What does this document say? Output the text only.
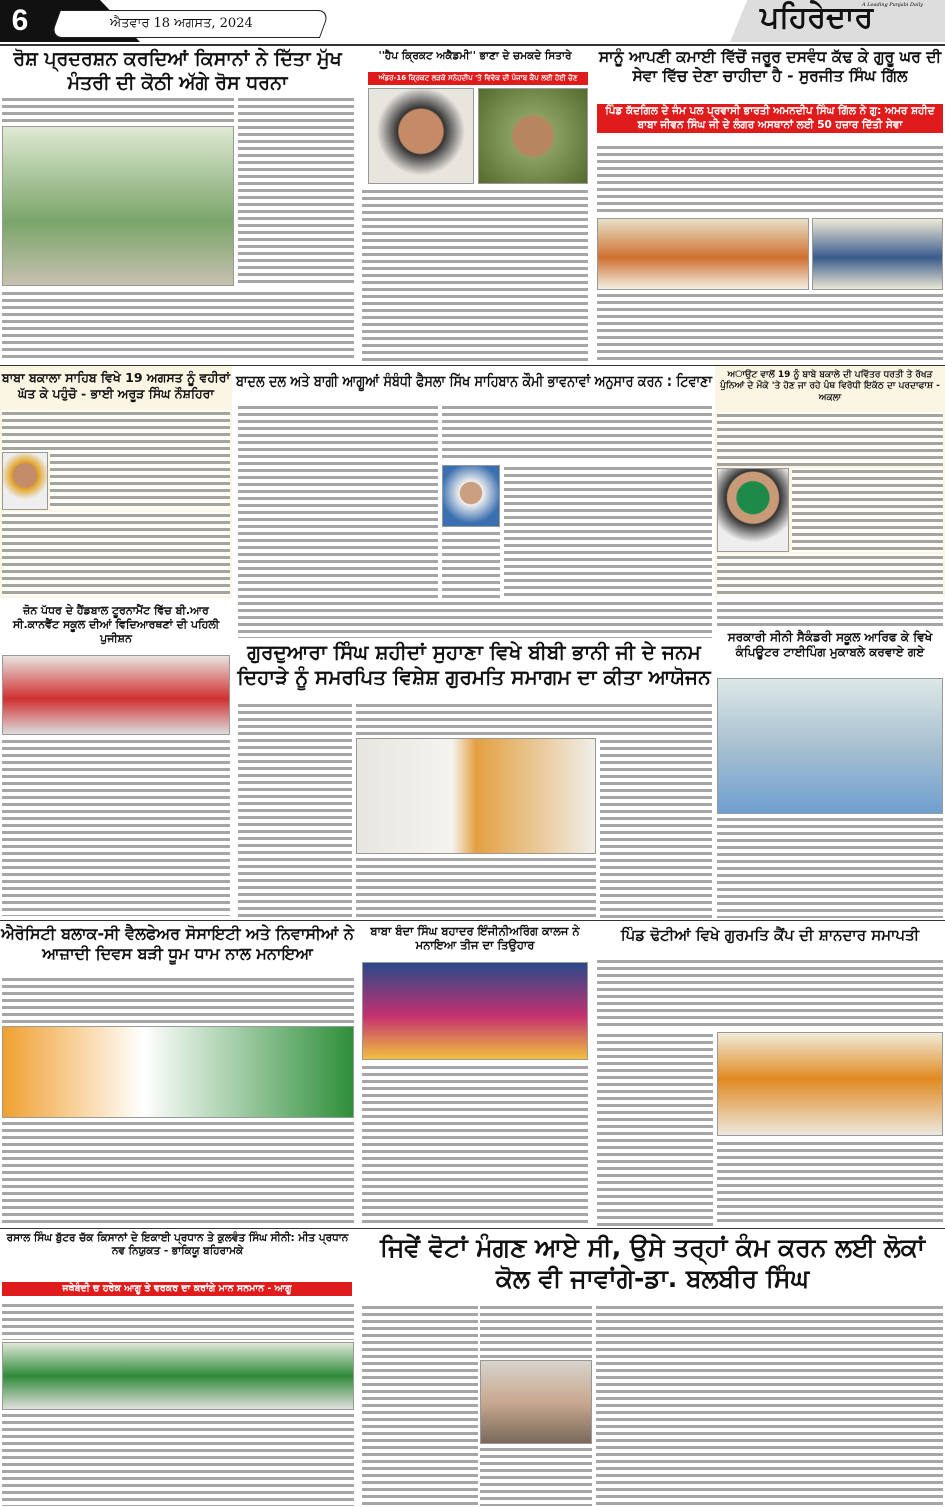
6	ਐਤਵਾਰ 18 ਅਗਸਤ, 2024	ਪਹਿਰੇਦਾਰ
A Leading Punjabi Daily
ਰੋਸ਼ ਪ੍ਰਦਰਸ਼ਨ ਕਰਦਿਆਂ ਕਿਸਾਨਾਂ ਨੇ ਦਿੱਤਾ ਮੁੱਖ ਮੰਤਰੀ ਦੀ ਕੋਠੀ ਅੱਗੇ ਰੋਸ ਧਰਨਾ
''ਹੈਪ ਕ੍ਰਿਕਟ ਅਕੈਡਮੀ'' ਭਾਣਾ ਦੇ ਚਮਕਦੇ ਸਿਤਾਰੇ
ਅੰਡਰ-16 ਕ੍ਰਿਕਟ ਲੜਕੇ ਸਨੇਹਦੀਪ 'ਤੇ ਵਿਵੇਕ ਦੀ ਪੰਜਾਬ ਕੈਂਪ ਲਈ ਹੋਈ ਚੋਣ
ਸਾਨੂੰ ਆਪਣੀ ਕਮਾਈ ਵਿੱਚੋਂ ਜਰੂਰ ਦਸਵੰਧ ਕੱਢ ਕੇ ਗੁਰੂ ਘਰ ਦੀ ਸੇਵਾ ਵਿੱਚ ਦੇਣਾ ਚਾਹੀਦਾ ਹੈ - ਸੁਰਜੀਤ ਸਿੰਘ ਗਿੱਲ
ਪਿੰਡ ਕੱਦਗਿਲ ਦੇ ਜੰਮ ਪਲ ਪ੍ਰਵਾਸੀ ਭਾਰਤੀ ਅਮਨਦੀਪ ਸਿੰਘ ਗਿੱਲ ਨੇ ਗੁ: ਅਮਰ ਸ਼ਹੀਦ ਬਾਬਾ ਜੀਵਨ ਸਿੰਘ ਜੀ ਦੇ ਲੰਗਰ ਅਸਥਾਨਾਂ ਲਈ 50 ਹਜ਼ਾਰ ਦਿੱਤੀ ਸੇਵਾ
ਬਾਬਾ ਬਕਾਲਾ ਸਾਹਿਬ ਵਿਖੇ 19 ਅਗਸਤ ਨੂੰ ਵਹੀਰਾਂ ਘੱਤ ਕੇ ਪਹੁੰਚੋ - ਭਾਈ ਅਰੂੜ ਸਿੰਘ ਨੌਸ਼ਹਿਰਾ
ਬਾਦਲ ਦਲ ਅਤੇ ਬਾਗੀ ਆਗੂਆਂ ਸੰਬੰਧੀ ਫੈਸਲਾ ਸਿੱਖ ਸਾਹਿਬਾਨ ਕੌਮੀ ਭਾਵਨਾਵਾਂ ਅਨੁਸਾਰ ਕਰਨ : ਟਿਵਾਣਾ	ਅਾਉਟ ਵਾਲੋਂ 19 ਨੂੰ ਬਾਬੇ ਬਕਾਲੇ ਦੀ ਪਵਿੱਤਰ ਧਰਤੀ ਤੇ ਰੱਖੜ ਪੁੰਨਿਆਂ ਦੇ ਮੌਕੇ 'ਤੇ ਹੋਣ ਜਾ ਰਹੇ ਪੰਥ ਵਿਰੋਧੀ ਇਕੱਠ ਦਾ ਪਰਦਾਫਾਸ਼ - ਅਕਲਾ
ਜ਼ੋਨ ਪੱਧਰ ਦੇ ਹੈਂਡਬਾਲ ਟੂਰਨਾਮੈਂਟ ਵਿੱਚ ਬੀ.ਆਰ ਸੀ.ਕਾਨਵੈਂਟ ਸਕੂਲ ਦੀਆਂ ਵਿਦਿਆਰਥਣਾਂ ਦੀ ਪਹਿਲੀ ਪੁਜੀਸ਼ਨ
ਗੁਰਦੁਆਰਾ ਸਿੰਘ ਸ਼ਹੀਦਾਂ ਸੁਹਾਣਾ ਵਿਖੇ ਬੀਬੀ ਭਾਨੀ ਜੀ ਦੇ ਜਨਮ ਦਿਹਾੜੇ ਨੂੰ ਸਮਰਪਿਤ ਵਿਸ਼ੇਸ਼ ਗੁਰਮਤਿ ਸਮਾਗਮ ਦਾ ਕੀਤਾ ਆਯੋਜਨ
ਸਰਕਾਰੀ ਸੀਨੀ ਸੈਕੰਡਰੀ ਸਕੂਲ ਆਰਿਫ ਕੇ ਵਿਖੇ ਕੰਪਿਊਟਰ ਟਾਈਪਿੰਗ ਮੁਕਾਬਲੇ ਕਰਵਾਏ ਗਏ
ਐਰੋਸਿਟੀ ਬਲਾਕ-ਸੀ ਵੈਲਫੇਅਰ ਸੋਸਾਇਟੀ ਅਤੇ ਨਿਵਾਸੀਆਂ ਨੇ ਆਜ਼ਾਦੀ ਦਿਵਸ ਬੜੀ ਧੂਮ ਧਾਮ ਨਾਲ ਮਨਾਇਆ
ਬਾਬਾ ਬੰਦਾ ਸਿੰਘ ਬਹਾਦਰ ਇੰਜੀਨੀਅਰਿੰਗ ਕਾਲਜ ਨੇ ਮਨਾਇਆ ਤੀਜ ਦਾ ਤਿਉਹਾਰ
ਪਿੰਡ ਢੋਟੀਆਂ ਵਿਖੇ ਗੁਰਮਤਿ ਕੈਂਪ ਦੀ ਸ਼ਾਨਦਾਰ ਸਮਾਪਤੀ
ਰਸਾਲ ਸਿੰਘ ਬੁੱਟਰ ਚੱਕ ਕਿਸਾਨਾਂ ਦੇ ਇਕਾਈ ਪ੍ਰਧਾਨ ਤੇ ਕੁਲਵੰਤ ਸਿੰਘ ਸੀਨੀ: ਮੀਤ ਪ੍ਰਧਾਨ ਨਵ ਨਿਯੁਕਤ - ਭਾਕਿਯੂ ਬਹਿਰਾਮਕੇ
ਜਥੇਬੰਦੀ ਚ ਹਰੇਕ ਆਗੂ ਤੇ ਵਰਕਰ ਦਾ ਕਰਾਂਗੇ ਮਾਨ ਸਨਮਾਨ - ਆਗੂ
ਜਿਵੇਂ ਵੋਟਾਂ ਮੰਗਣ ਆਏ ਸੀ, ਉਸੇ ਤਰ੍ਹਾਂ ਕੰਮ ਕਰਨ ਲਈ ਲੋਕਾਂ ਕੋਲ ਵੀ ਜਾਵਾਂਗੇ-ਡਾ. ਬਲਬੀਰ ਸਿੰਘ
